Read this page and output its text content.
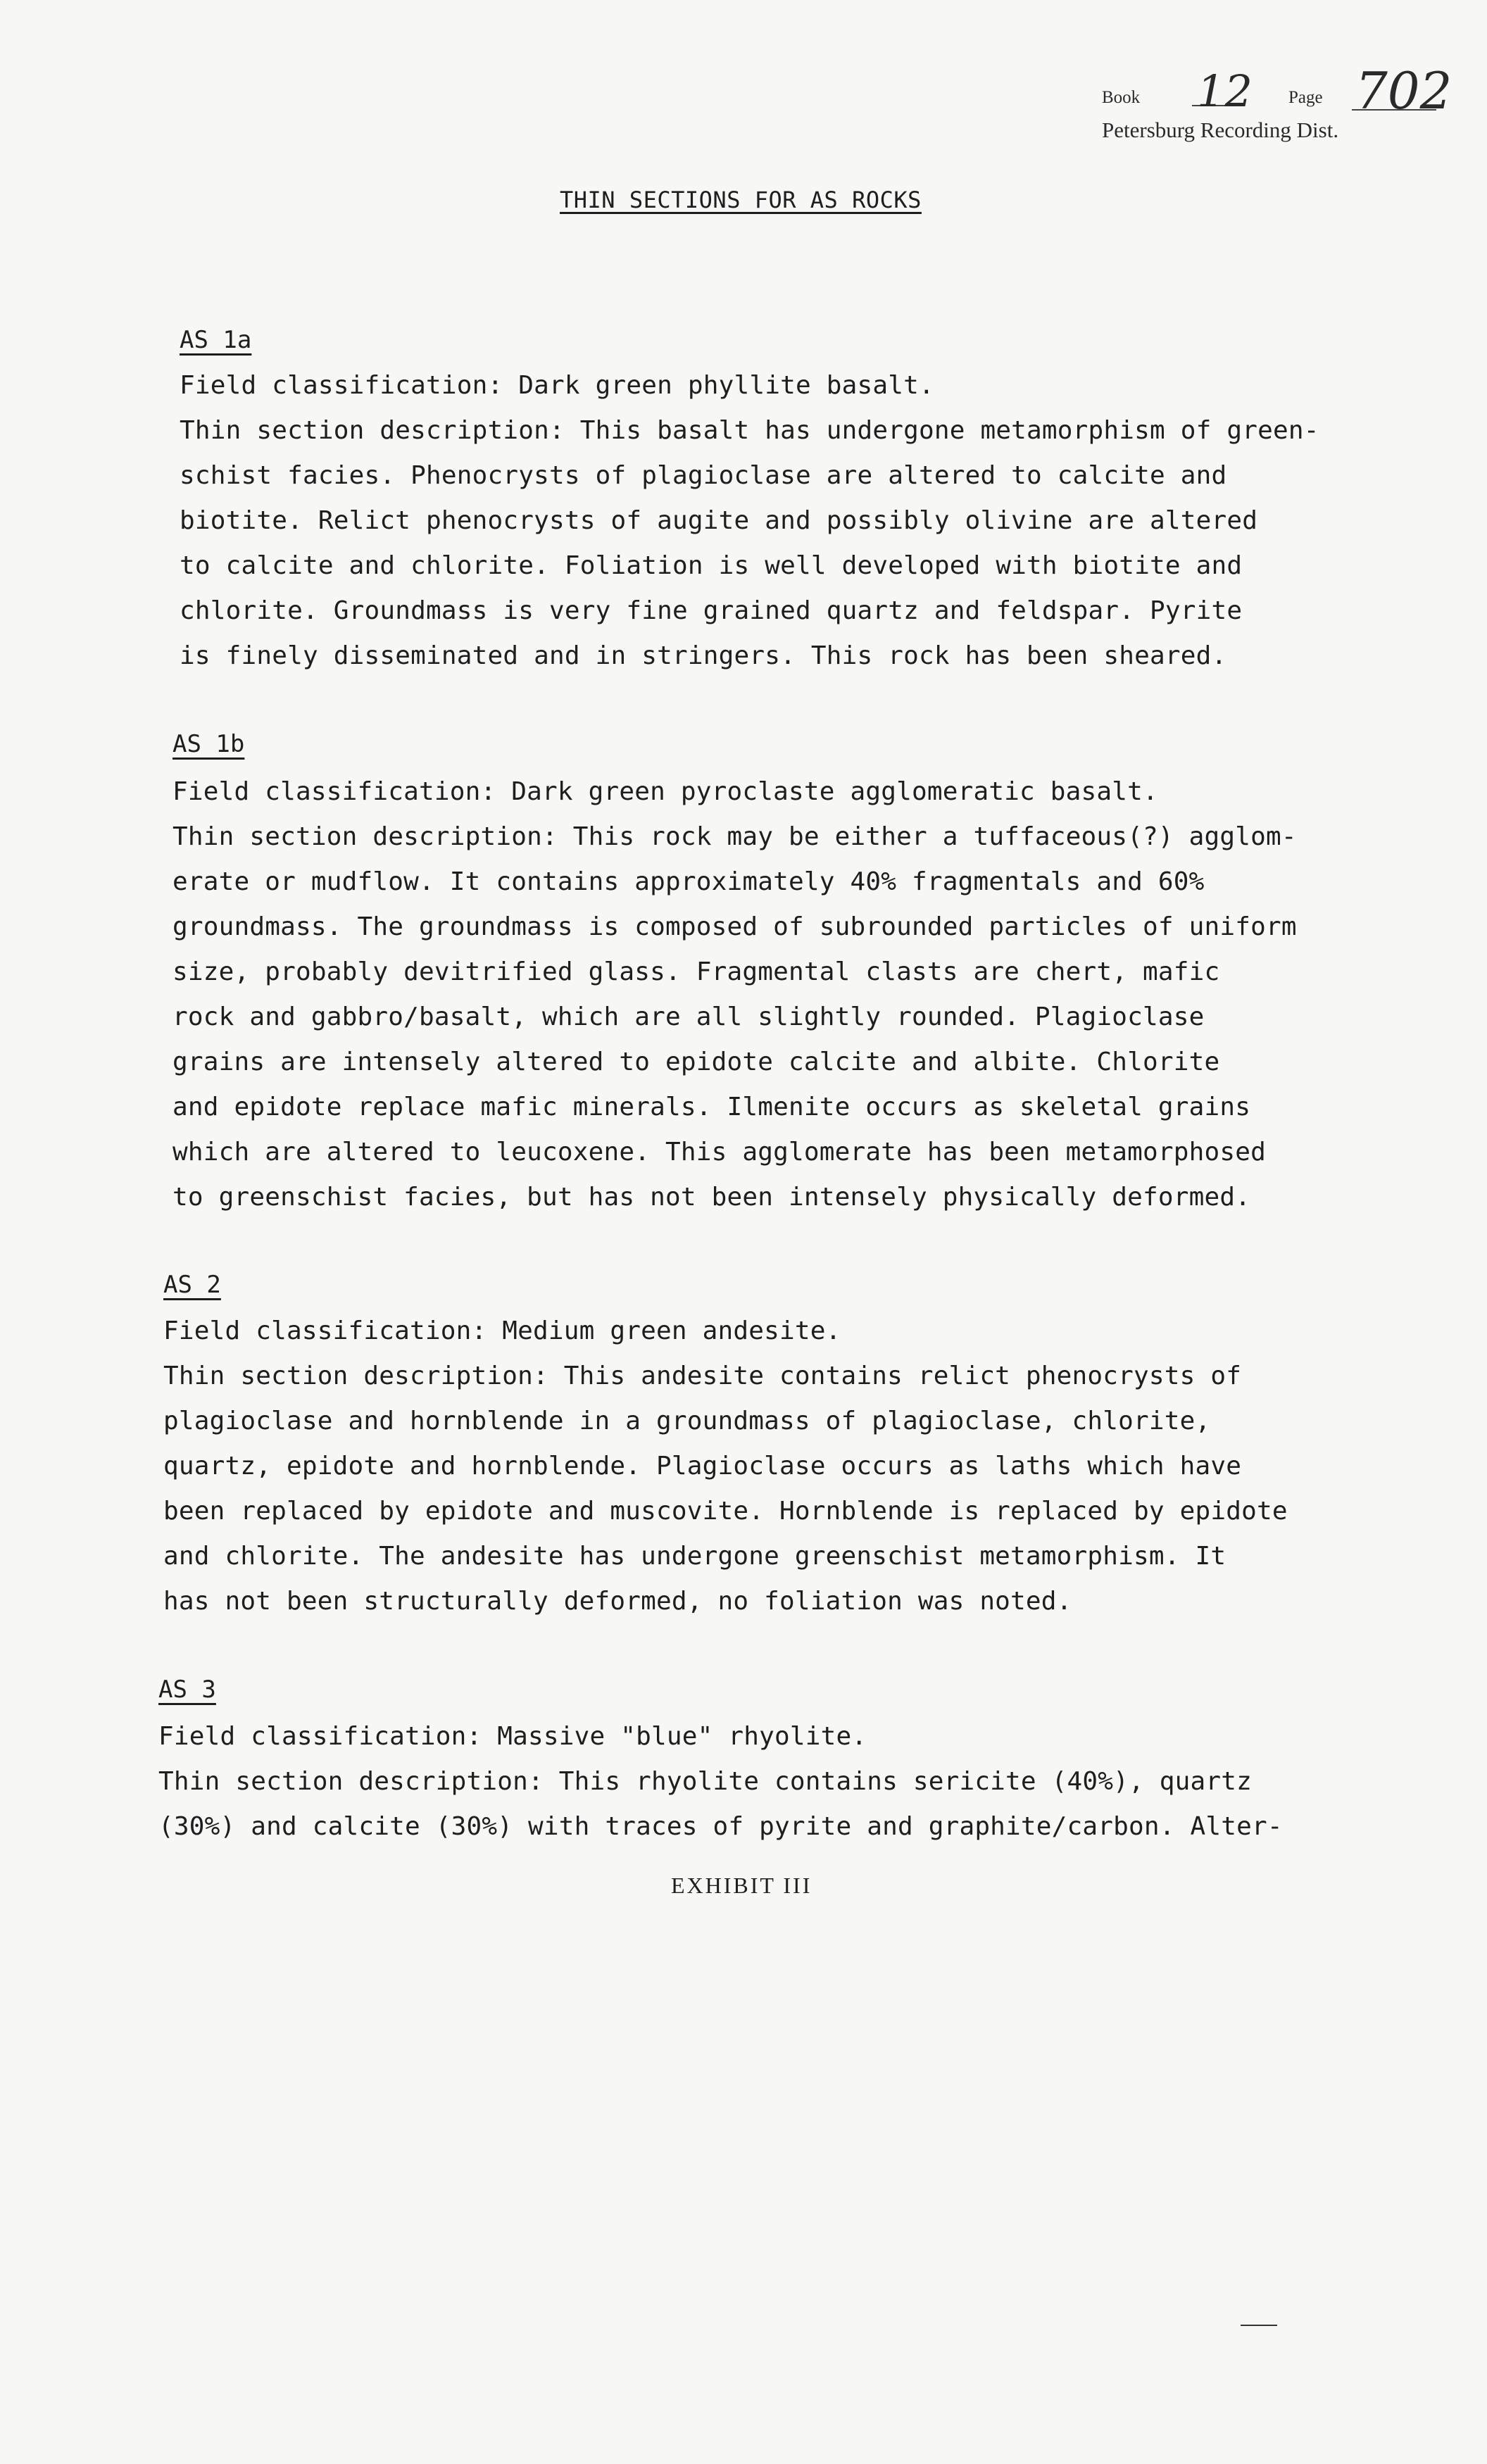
Book 12 Page 702
Petersburg Recording Dist.
THIN SECTIONS FOR AS ROCKS
AS 1a
Field classification: Dark green phyllite basalt.
Thin section description: This basalt has undergone metamorphism of green-
schist facies. Phenocrysts of plagioclase are altered to calcite and
biotite. Relict phenocrysts of augite and possibly olivine are altered
to calcite and chlorite. Foliation is well developed with biotite and
chlorite. Groundmass is very fine grained quartz and feldspar. Pyrite
is finely disseminated and in stringers. This rock has been sheared.
AS 1b
Field classification: Dark green pyroclaste agglomeratic basalt.
Thin section description: This rock may be either a tuffaceous(?) agglom-
erate or mudflow. It contains approximately 40% fragmentals and 60%
groundmass. The groundmass is composed of subrounded particles of uniform
size, probably devitrified glass. Fragmental clasts are chert, mafic
rock and gabbro/basalt, which are all slightly rounded. Plagioclase
grains are intensely altered to epidote calcite and albite. Chlorite
and epidote replace mafic minerals. Ilmenite occurs as skeletal grains
which are altered to leucoxene. This agglomerate has been metamorphosed
to greenschist facies, but has not been intensely physically deformed.
AS 2
Field classification: Medium green andesite.
Thin section description: This andesite contains relict phenocrysts of
plagioclase and hornblende in a groundmass of plagioclase, chlorite,
quartz, epidote and hornblende. Plagioclase occurs as laths which have
been replaced by epidote and muscovite. Hornblende is replaced by epidote
and chlorite. The andesite has undergone greenschist metamorphism. It
has not been structurally deformed, no foliation was noted.
AS 3
Field classification: Massive "blue" rhyolite.
Thin section description: This rhyolite contains sericite (40%), quartz
(30%) and calcite (30%) with traces of pyrite and graphite/carbon. Alter-
EXHIBIT III
